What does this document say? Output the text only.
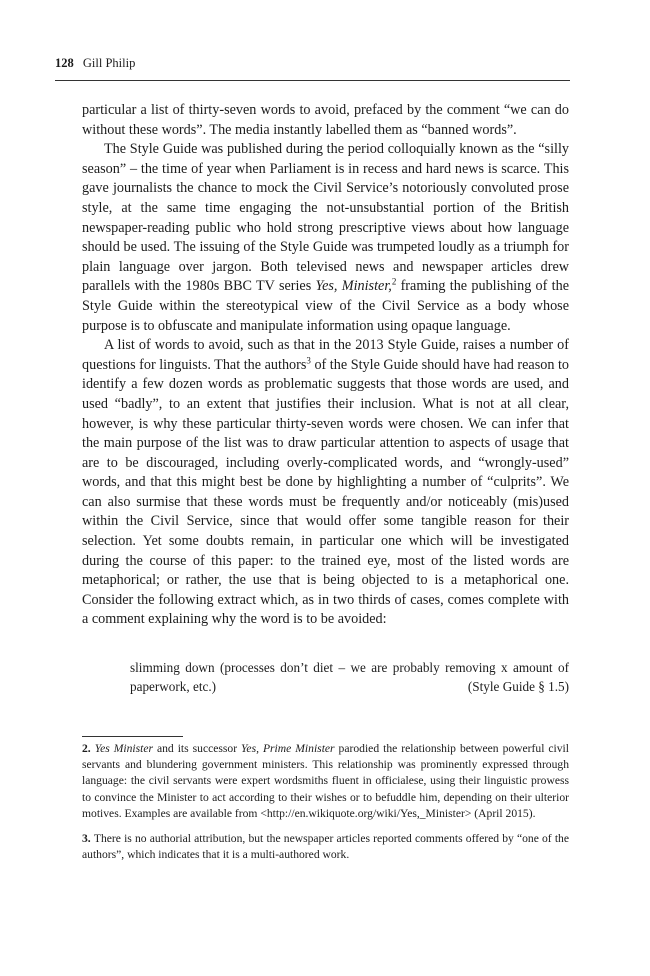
128 Gill Philip

particular a list of thirty-seven words to avoid, prefaced by the comment “we can do without these words”. The media instantly labelled them as “banned words”.

The Style Guide was published during the period colloquially known as the “silly season” – the time of year when Parliament is in recess and hard news is scarce. This gave journalists the chance to mock the Civil Service’s notoriously convoluted prose style, at the same time engaging the not-unsubstantial portion of the British newspaper-reading public who hold strong prescriptive views about how language should be used. The issuing of the Style Guide was trumpeted loudly as a triumph for plain language over jargon. Both televised news and newspaper articles drew parallels with the 1980s BBC TV series Yes, Minister,$^2$ framing the publishing of the Style Guide within the stereotypical view of the Civil Service as a body whose purpose is to obfuscate and manipulate information using opaque language.

A list of words to avoid, such as that in the 2013 Style Guide, raises a number of questions for linguists. That the authors$^3$ of the Style Guide should have had reason to identify a few dozen words as problematic suggests that those words are used, and used “badly”, to an extent that justifies their inclusion. What is not at all clear, however, is why these particular thirty-seven words were chosen. We can infer that the main purpose of the list was to draw particular attention to aspects of usage that are to be discouraged, including overly-complicated words, and “wrongly-used” words, and that this might best be done by highlighting a number of “culprits”. We can also surmise that these words must be frequently and/or noticeably (mis)used within the Civil Service, since that would offer some tangible reason for their selection. Yet some doubts remain, in particular one which will be investigated during the course of this paper: to the trained eye, most of the listed words are metaphorical; or rather, the use that is being objected to is a metaphorical one. Consider the following extract which, as in two thirds of cases, comes complete with a comment explaining why the word is to be avoided:

slimming down (processes don’t diet – we are probably removing x amount of paperwork, etc.)	(Style Guide § 1.5)

2. Yes Minister and its successor Yes, Prime Minister parodied the relationship between powerful civil servants and blundering government ministers. This relationship was prominently expressed through language: the civil servants were expert wordsmiths fluent in officialese, using their linguistic prowess to convince the Minister to act according to their wishes or to befuddle him, depending on their ulterior motives. Examples are available from <http://en.wikiquote.org/wiki/Yes,_Minister> (April 2015).

3. There is no authorial attribution, but the newspaper articles reported comments offered by “one of the authors”, which indicates that it is a multi-authored work.
